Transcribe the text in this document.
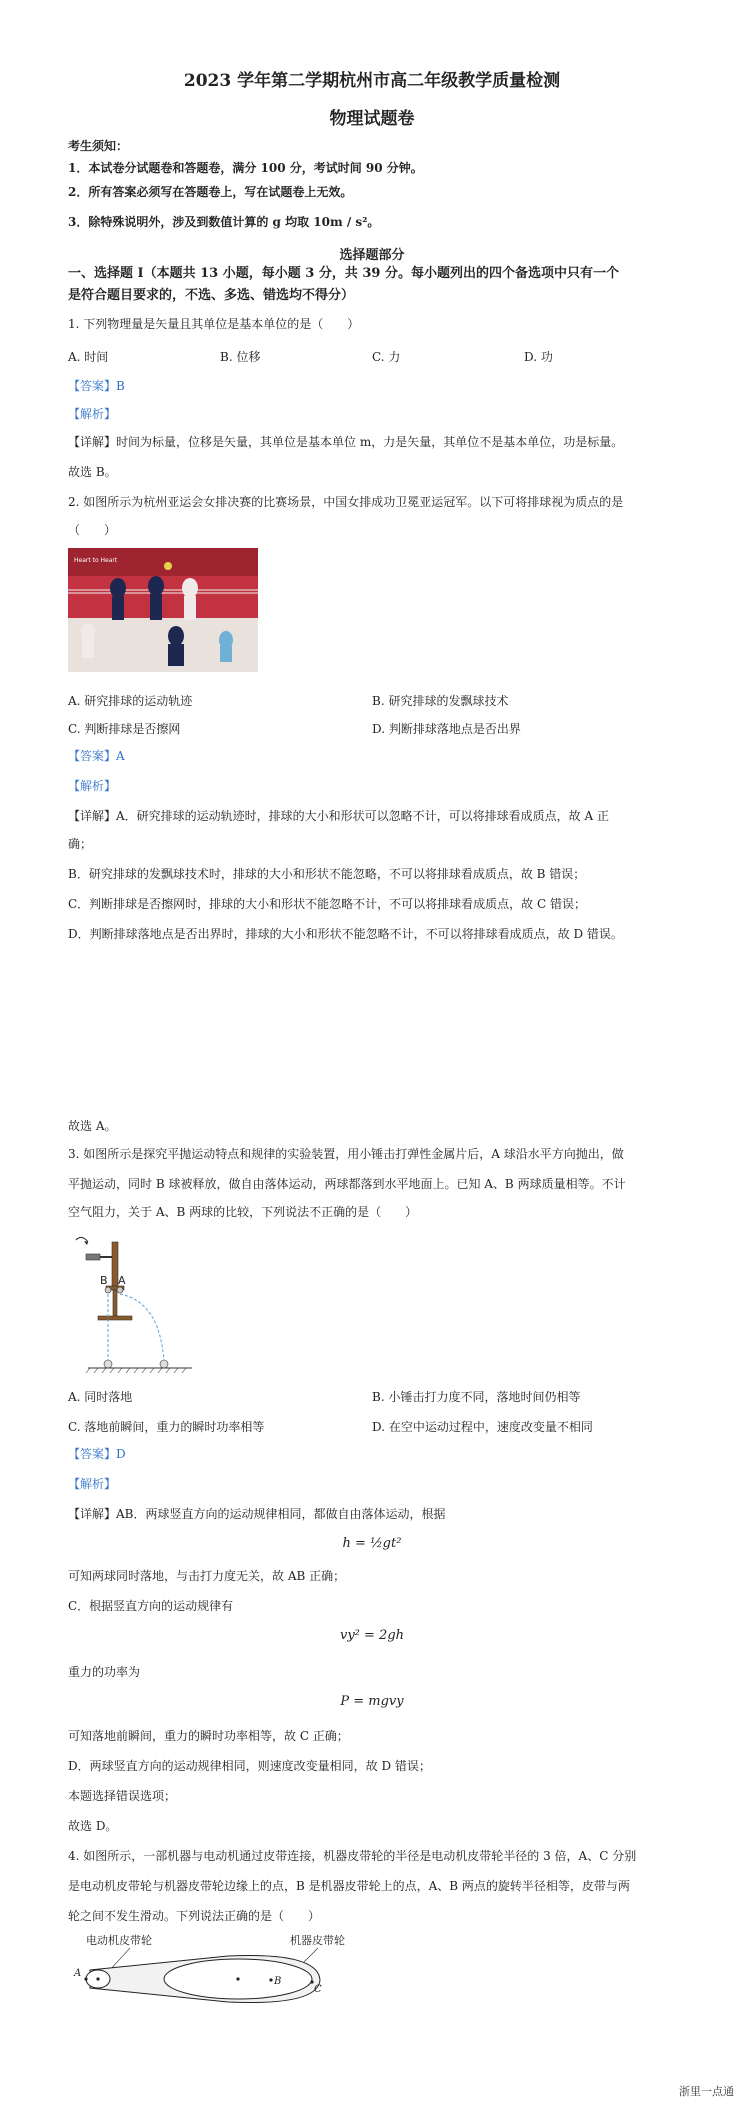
2023 学年第二学期杭州市高二年级教学质量检测
物理试题卷
考生须知：
1．本试卷分试题卷和答题卷，满分 100 分，考试时间 90 分钟。
2．所有答案必须写在答题卷上，写在试题卷上无效。
3．除特殊说明外，涉及到数值计算的 g 均取 10m / s²。
选择题部分
一、选择题 I（本题共 13 小题，每小题 3 分，共 39 分。每小题列出的四个备选项中只有一个
是符合题目要求的，不选、多选、错选均不得分）
1. 下列物理量是矢量且其单位是基本单位的是（　　）
A. 时间	B. 位移	C. 力	D. 功
【答案】B
【解析】
【详解】时间为标量，位移是矢量，其单位是基本单位 m，力是矢量，其单位不是基本单位，功是标量。
故选 B。
2. 如图所示为杭州亚运会女排决赛的比赛场景，中国女排成功卫冕亚运冠军。以下可将排球视为质点的是
（　　）
Heart to Heart
A. 研究排球的运动轨迹	B. 研究排球的发飘球技术
C. 判断排球是否擦网	D. 判断排球落地点是否出界
【答案】A
【解析】
【详解】A．研究排球的运动轨迹时，排球的大小和形状可以忽略不计，可以将排球看成质点，故 A 正
确；
B．研究排球的发飘球技术时，排球的大小和形状不能忽略，不可以将排球看成质点，故 B 错误；
C．判断排球是否擦网时，排球的大小和形状不能忽略不计，不可以将排球看成质点，故 C 错误；
D．判断排球落地点是否出界时，排球的大小和形状不能忽略不计，不可以将排球看成质点，故 D 错误。
故选 A。
3. 如图所示是探究平抛运动特点和规律的实验装置，用小锤击打弹性金属片后，A 球沿水平方向抛出，做
平抛运动，同时 B 球被释放，做自由落体运动，两球都落到水平地面上。已知 A、B 两球质量相等。不计
空气阻力，关于 A、B 两球的比较，下列说法不正确的是（　　）
B A
A. 同时落地	B. 小锤击打力度不同，落地时间仍相等
C. 落地前瞬间，重力的瞬时功率相等	D. 在空中运动过程中，速度改变量不相同
【答案】D
【解析】
【详解】AB．两球竖直方向的运动规律相同，都做自由落体运动，根据
h = ½gt²
可知两球同时落地，与击打力度无关，故 AB 正确；
C．根据竖直方向的运动规律有
vy² = 2gh
重力的功率为
P = mgvy
可知落地前瞬间，重力的瞬时功率相等，故 C 正确；
D．两球竖直方向的运动规律相同，则速度改变量相同，故 D 错误；
本题选择错误选项；
故选 D。
4. 如图所示，一部机器与电动机通过皮带连接，机器皮带轮的半径是电动机皮带轮半径的 3 倍，A、C 分别
是电动机皮带轮与机器皮带轮边缘上的点，B 是机器皮带轮上的点，A、B 两点的旋转半径相等，皮带与两
轮之间不发生滑动。下列说法正确的是（　　）
电动机皮带轮	机器皮带轮
A
B
C
浙里一点通
